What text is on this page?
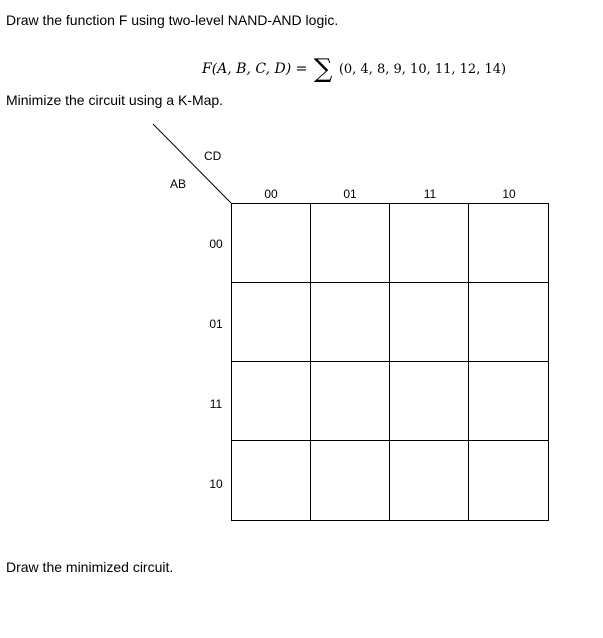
Draw the function F using two-level NAND-AND logic.
F(A, B, C, D) = ∑ (0, 4, 8, 9, 10, 11, 12, 14)
Minimize the circuit using a K-Map.
CD
AB
00	01	11	10
00
01
11
10
Draw the minimized circuit.
